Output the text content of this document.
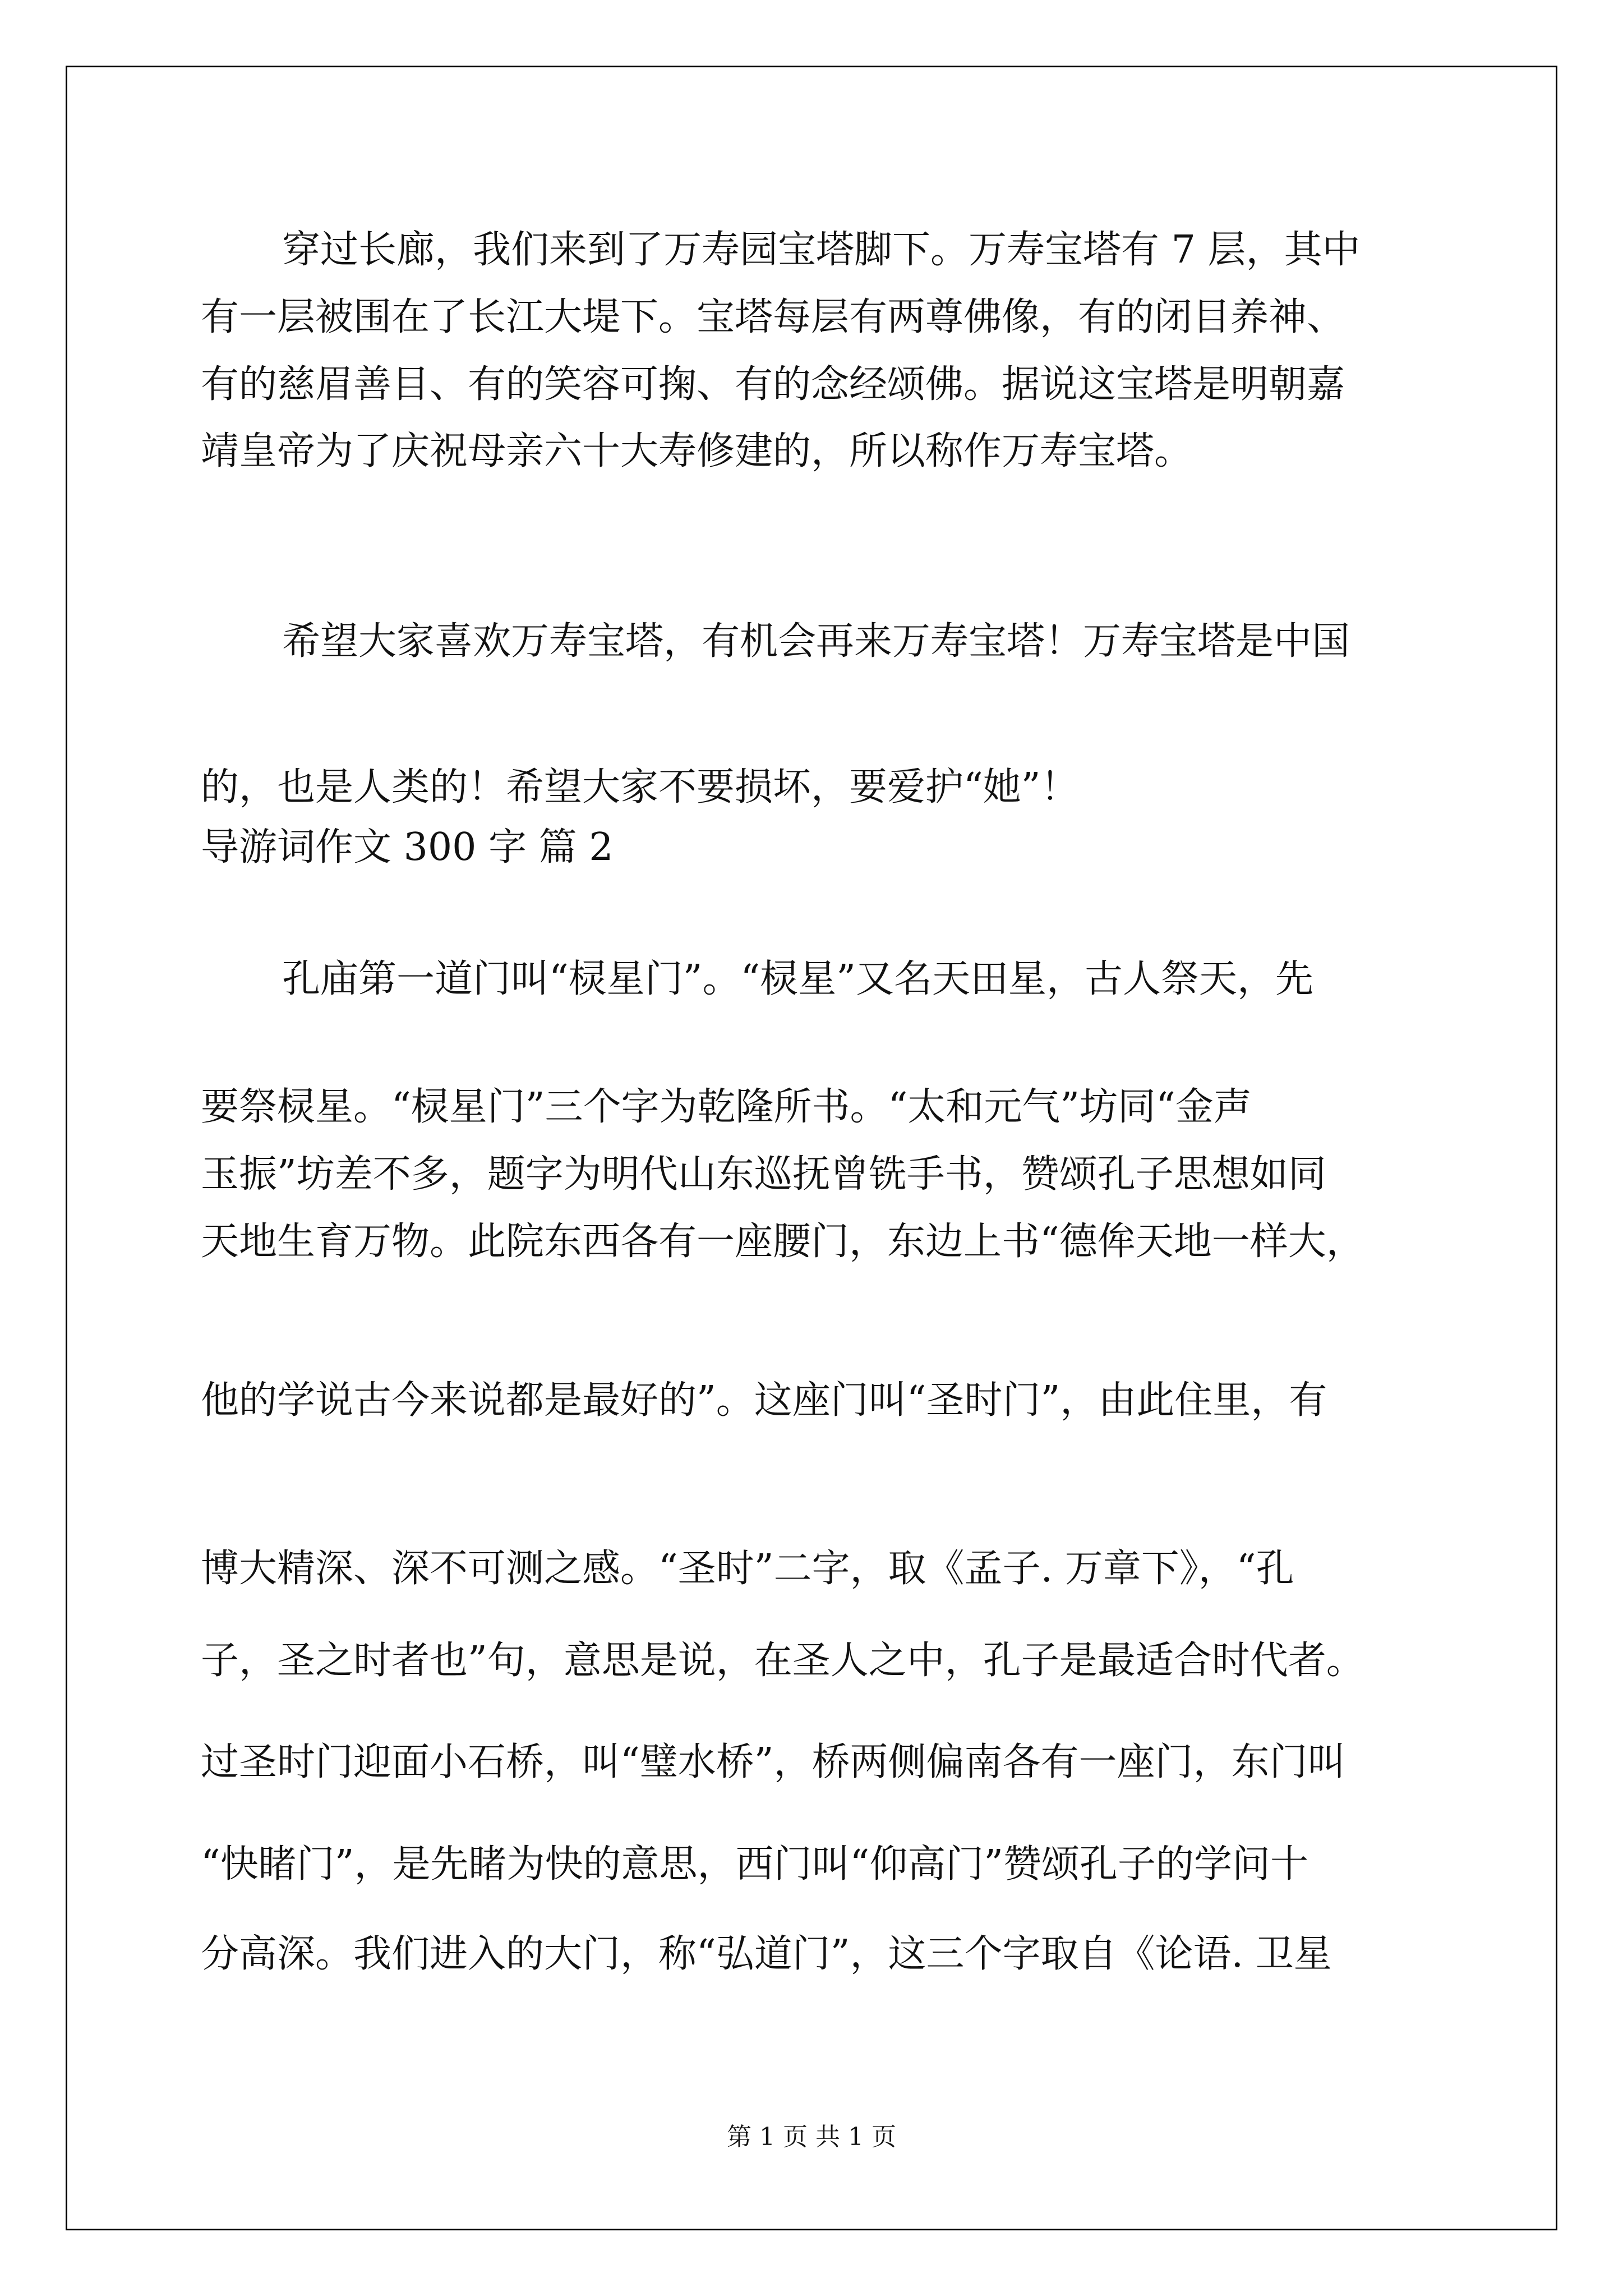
穿过长廊，我们来到了万寿园宝塔脚下。万寿宝塔有 7 层，其中
有一层被围在了长江大堤下。宝塔每层有两尊佛像，有的闭目养神、
有的慈眉善目、有的笑容可掬、有的念经颂佛。据说这宝塔是明朝嘉
靖皇帝为了庆祝母亲六十大寿修建的，所以称作万寿宝塔。
希望大家喜欢万寿宝塔，有机会再来万寿宝塔！万寿宝塔是中国
的，也是人类的！希望大家不要损坏，要爱护“她”！
导游词作文 300 字 篇 2
孔庙第一道门叫“棂星门”。“棂星”又名天田星，古人祭天，先
要祭棂星。“棂星门”三个字为乾隆所书。“太和元气”坊同“金声
玉振”坊差不多，题字为明代山东巡抚曾铣手书，赞颂孔子思想如同
天地生育万物。此院东西各有一座腰门，东边上书“德侔天地一样大，
他的学说古今来说都是最好的”。这座门叫“圣时门”，由此住里，有
博大精深、深不可测之感。“圣时”二字，取《孟子. 万章下》，“孔
子，圣之时者也”句，意思是说，在圣人之中，孔子是最适合时代者。
过圣时门迎面小石桥，叫“璧水桥”，桥两侧偏南各有一座门，东门叫
“快睹门”，是先睹为快的意思，西门叫“仰高门”赞颂孔子的学问十
分高深。我们进入的大门，称“弘道门”，这三个字取自《论语. 卫星
第 1 页 共 1 页
